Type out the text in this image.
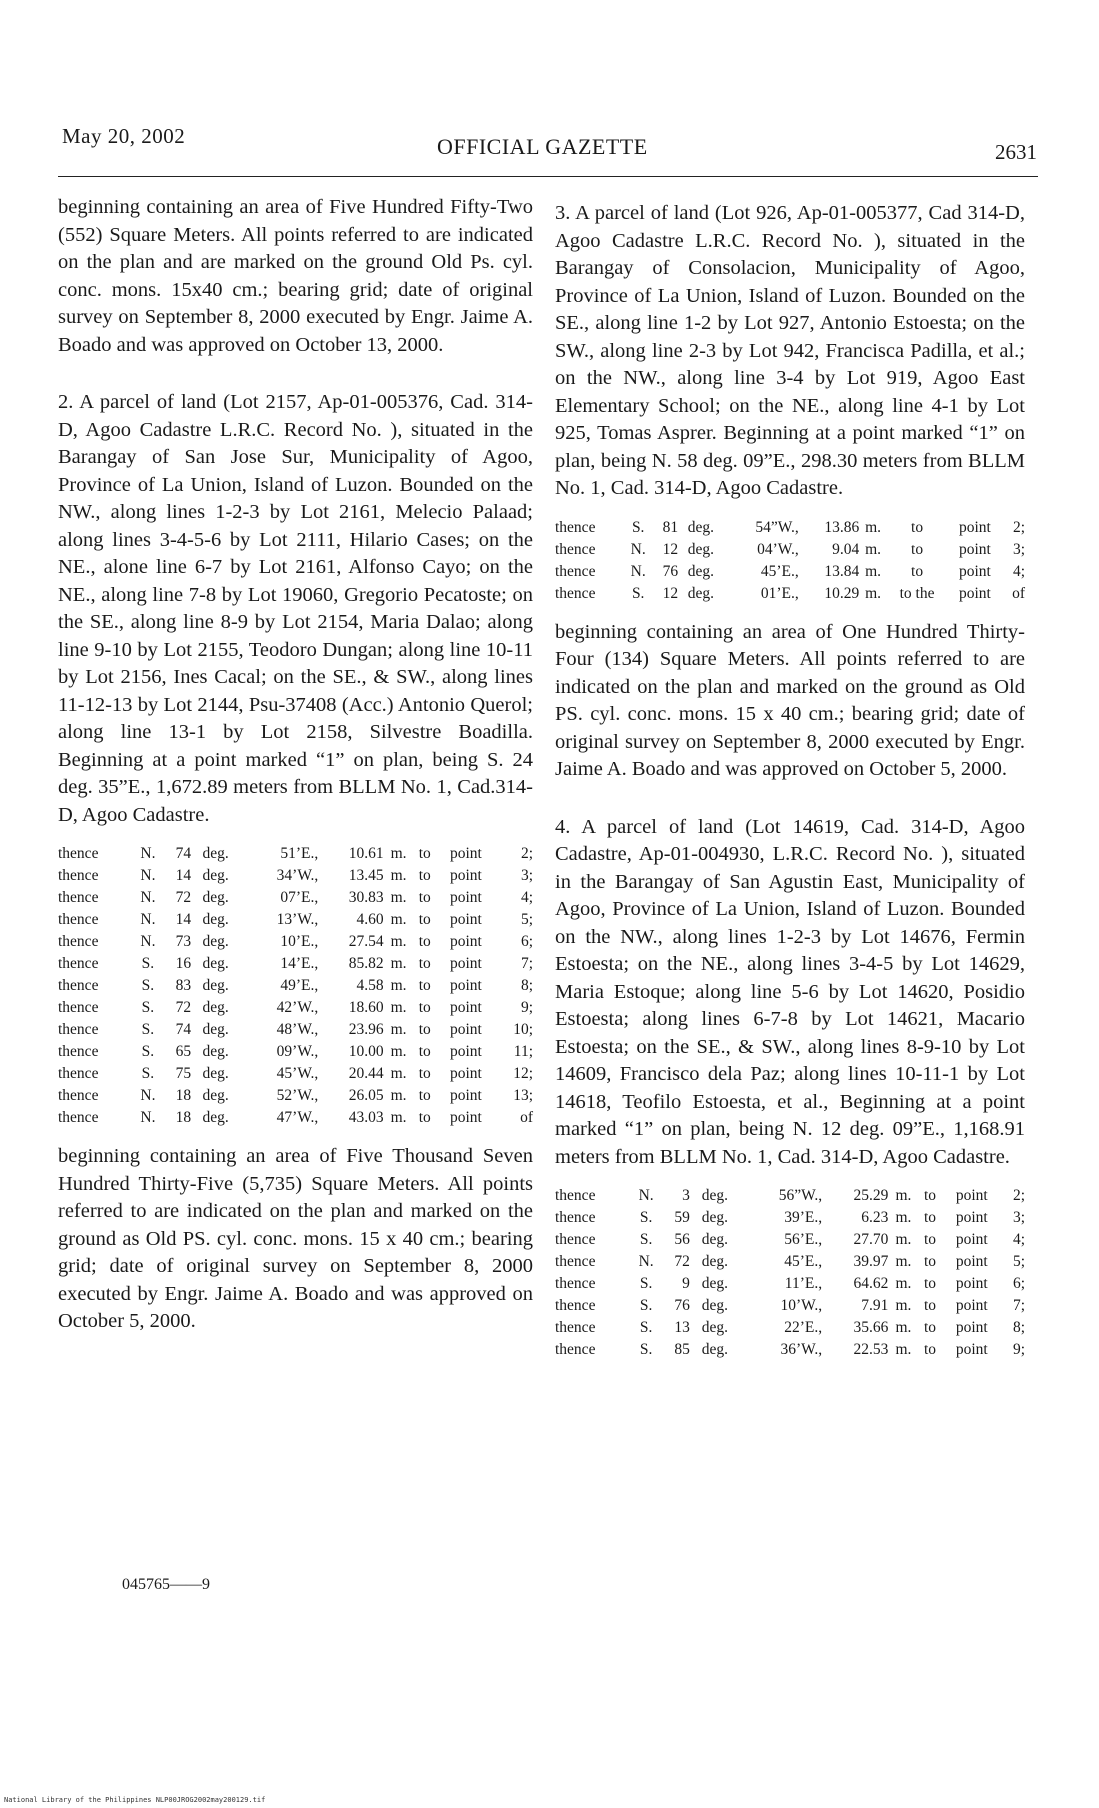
May 20, 2002	OFFICIAL GAZETTE	2631

beginning containing an area of Five Hundred Fifty-Two (552) Square Meters. All points referred to are indicated on the plan and are marked on the ground Old Ps. cyl. conc. mons. 15x40 cm.; bearing grid; date of original survey on September 8, 2000 executed by Engr. Jaime A. Boado and was approved on October 13, 2000.

2. A parcel of land (Lot 2157, Ap-01-005376, Cad. 314-D, Agoo Cadastre L.R.C. Record No. ), situated in the Barangay of San Jose Sur, Municipality of Agoo, Province of La Union, Island of Luzon. Bounded on the NW., along lines 1-2-3 by Lot 2161, Melecio Palaad; along lines 3-4-5-6 by Lot 2111, Hilario Cases; on the NE., alone line 6-7 by Lot 2161, Alfonso Cayo; on the NE., along line 7-8 by Lot 19060, Gregorio Pecatoste; on the SE., along line 8-9 by Lot 2154, Maria Dalao; along line 9-10 by Lot 2155, Teodoro Dungan; along line 10-11 by Lot 2156, Ines Cacal; on the SE., & SW., along lines 11-12-13 by Lot 2144, Psu-37408 (Acc.) Antonio Querol; along line 13-1 by Lot 2158, Silvestre Boadilla. Beginning at a point marked “1” on plan, being S. 24 deg. 35”E., 1,672.89 meters from BLLM No. 1, Cad.314-D, Agoo Cadastre.

thence	N.	74	deg.	51’E.,	10.61	m.	to	point	2;
thence	N.	14	deg.	34’W.,	13.45	m.	to	point	3;
thence	N.	72	deg.	07’E.,	30.83	m.	to	point	4;
thence	N.	14	deg.	13’W.,	4.60	m.	to	point	5;
thence	N.	73	deg.	10’E.,	27.54	m.	to	point	6;
thence	S.	16	deg.	14’E.,	85.82	m.	to	point	7;
thence	S.	83	deg.	49’E.,	4.58	m.	to	point	8;
thence	S.	72	deg.	42’W.,	18.60	m.	to	point	9;
thence	S.	74	deg.	48’W.,	23.96	m.	to	point	10;
thence	S.	65	deg.	09’W.,	10.00	m.	to	point	11;
thence	S.	75	deg.	45’W.,	20.44	m.	to	point	12;
thence	N.	18	deg.	52’W.,	26.05	m.	to	point	13;
thence	N.	18	deg.	47’W.,	43.03	m.	to	point	of

beginning containing an area of Five Thousand Seven Hundred Thirty-Five (5,735) Square Meters. All points referred to are indicated on the plan and marked on the ground as Old PS. cyl. conc. mons. 15 x 40 cm.; bearing grid; date of original survey on September 8, 2000 executed by Engr. Jaime A. Boado and was approved on October 5, 2000.

3. A parcel of land (Lot 926, Ap-01-005377, Cad 314-D, Agoo Cadastre L.R.C. Record No. ), situated in the Barangay of Consolacion, Municipality of Agoo, Province of La Union, Island of Luzon. Bounded on the SE., along line 1-2 by Lot 927, Antonio Estoesta; on the SW., along line 2-3 by Lot 942, Francisca Padilla, et al.; on the NW., along line 3-4 by Lot 919, Agoo East Elementary School; on the NE., along line 4-1 by Lot 925, Tomas Asprer. Beginning at a point marked “1” on plan, being N. 58 deg. 09”E., 298.30 meters from BLLM No. 1, Cad. 314-D, Agoo Cadastre.

thence	S.	81	deg.	54”W.,	13.86	m.	to	point	2;
thence	N.	12	deg.	04’W.,	9.04	m.	to	point	3;
thence	N.	76	deg.	45’E.,	13.84	m.	to	point	4;
thence	S.	12	deg.	01’E.,	10.29	m.	to the	point	of

beginning containing an area of One Hundred Thirty-Four (134) Square Meters. All points referred to are indicated on the plan and marked on the ground as Old PS. cyl. conc. mons. 15 x 40 cm.; bearing grid; date of original survey on September 8, 2000 executed by Engr. Jaime A. Boado and was approved on October 5, 2000.

4. A parcel of land (Lot 14619, Cad. 314-D, Agoo Cadastre, Ap-01-004930, L.R.C. Record No. ), situated in the Barangay of San Agustin East, Municipality of Agoo, Province of La Union, Island of Luzon. Bounded on the NW., along lines 1-2-3 by Lot 14676, Fermin Estoesta; on the NE., along lines 3-4-5 by Lot 14629, Maria Estoque; along line 5-6 by Lot 14620, Posidio Estoesta; along lines 6-7-8 by Lot 14621, Macario Estoesta; on the SE., & SW., along lines 8-9-10 by Lot 14609, Francisco dela Paz; along lines 10-11-1 by Lot 14618, Teofilo Estoesta, et al., Beginning at a point marked “1” on plan, being N. 12 deg. 09”E., 1,168.91 meters from BLLM No. 1, Cad. 314-D, Agoo Cadastre.

thence	N.	3	deg.	56”W.,	25.29	m.	to	point	2;
thence	S.	59	deg.	39’E.,	6.23	m.	to	point	3;
thence	S.	56	deg.	56’E.,	27.70	m.	to	point	4;
thence	N.	72	deg.	45’E.,	39.97	m.	to	point	5;
thence	S.	9	deg.	11’E.,	64.62	m.	to	point	6;
thence	S.	76	deg.	10’W.,	7.91	m.	to	point	7;
thence	S.	13	deg.	22’E.,	35.66	m.	to	point	8;
thence	S.	85	deg.	36’W.,	22.53	m.	to	point	9;
045765——9
National Library of the Philippines NLP00JROG2002may200129.tif
